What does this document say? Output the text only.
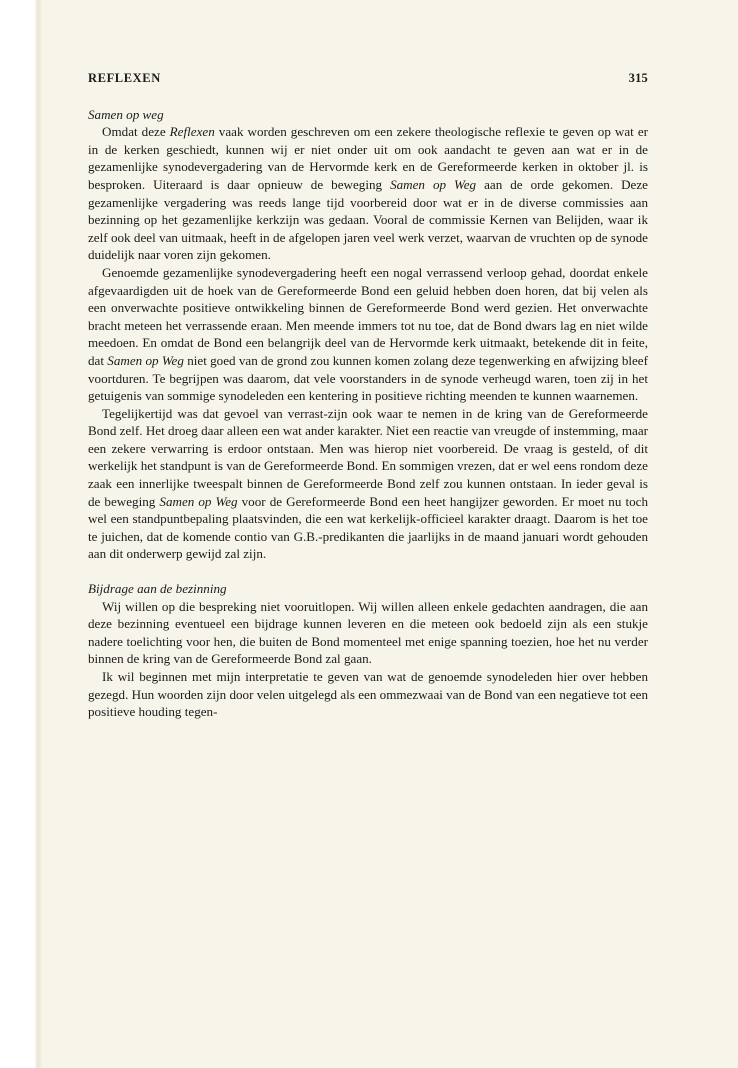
REFLEXEN	315

Samen op weg

Omdat deze Reflexen vaak worden geschreven om een zekere theologische reflexie te geven op wat er in de kerken geschiedt, kunnen wij er niet onder uit om ook aandacht te geven aan wat er in de gezamenlijke synodevergadering van de Hervormde kerk en de Gereformeerde kerken in oktober jl. is besproken. Uiteraard is daar opnieuw de beweging Samen op Weg aan de orde gekomen. Deze gezamenlijke vergadering was reeds lange tijd voorbereid door wat er in de diverse commissies aan bezinning op het gezamenlijke kerkzijn was gedaan. Vooral de commissie Kernen van Belijden, waar ik zelf ook deel van uitmaak, heeft in de afgelopen jaren veel werk verzet, waarvan de vruchten op de synode duidelijk naar voren zijn gekomen.

Genoemde gezamenlijke synodevergadering heeft een nogal verrassend verloop gehad, doordat enkele afgevaardigden uit de hoek van de Gereformeerde Bond een geluid hebben doen horen, dat bij velen als een onverwachte positieve ontwikkeling binnen de Gereformeerde Bond werd gezien. Het onverwachte bracht meteen het verrassende eraan. Men meende immers tot nu toe, dat de Bond dwars lag en niet wilde meedoen. En omdat de Bond een belangrijk deel van de Hervormde kerk uitmaakt, betekende dit in feite, dat Samen op Weg niet goed van de grond zou kunnen komen zolang deze tegenwerking en afwijzing bleef voortduren. Te begrijpen was daarom, dat vele voorstanders in de synode verheugd waren, toen zij in het getuigenis van sommige synodeleden een kentering in positieve richting meenden te kunnen waarnemen.

Tegelijkertijd was dat gevoel van verrast-zijn ook waar te nemen in de kring van de Gereformeerde Bond zelf. Het droeg daar alleen een wat ander karakter. Niet een reactie van vreugde of instemming, maar een zekere verwarring is erdoor ontstaan. Men was hierop niet voorbereid. De vraag is gesteld, of dit werkelijk het standpunt is van de Gereformeerde Bond. En sommigen vrezen, dat er wel eens rondom deze zaak een innerlijke tweespalt binnen de Gereformeerde Bond zelf zou kunnen ontstaan. In ieder geval is de beweging Samen op Weg voor de Gereformeerde Bond een heet hangijzer geworden. Er moet nu toch wel een standpuntbepaling plaatsvinden, die een wat kerkelijk-officieel karakter draagt. Daarom is het toe te juichen, dat de komende contio van G.B.-predikanten die jaarlijks in de maand januari wordt gehouden aan dit onderwerp gewijd zal zijn.

Bijdrage aan de bezinning

Wij willen op die bespreking niet vooruitlopen. Wij willen alleen enkele gedachten aandragen, die aan deze bezinning eventueel een bijdrage kunnen leveren en die meteen ook bedoeld zijn als een stukje nadere toelichting voor hen, die buiten de Bond momenteel met enige spanning toezien, hoe het nu verder binnen de kring van de Gereformeerde Bond zal gaan.

Ik wil beginnen met mijn interpretatie te geven van wat de genoemde synodeleden hier over hebben gezegd. Hun woorden zijn door velen uitgelegd als een ommezwaai van de Bond van een negatieve tot een positieve houding tegen-
